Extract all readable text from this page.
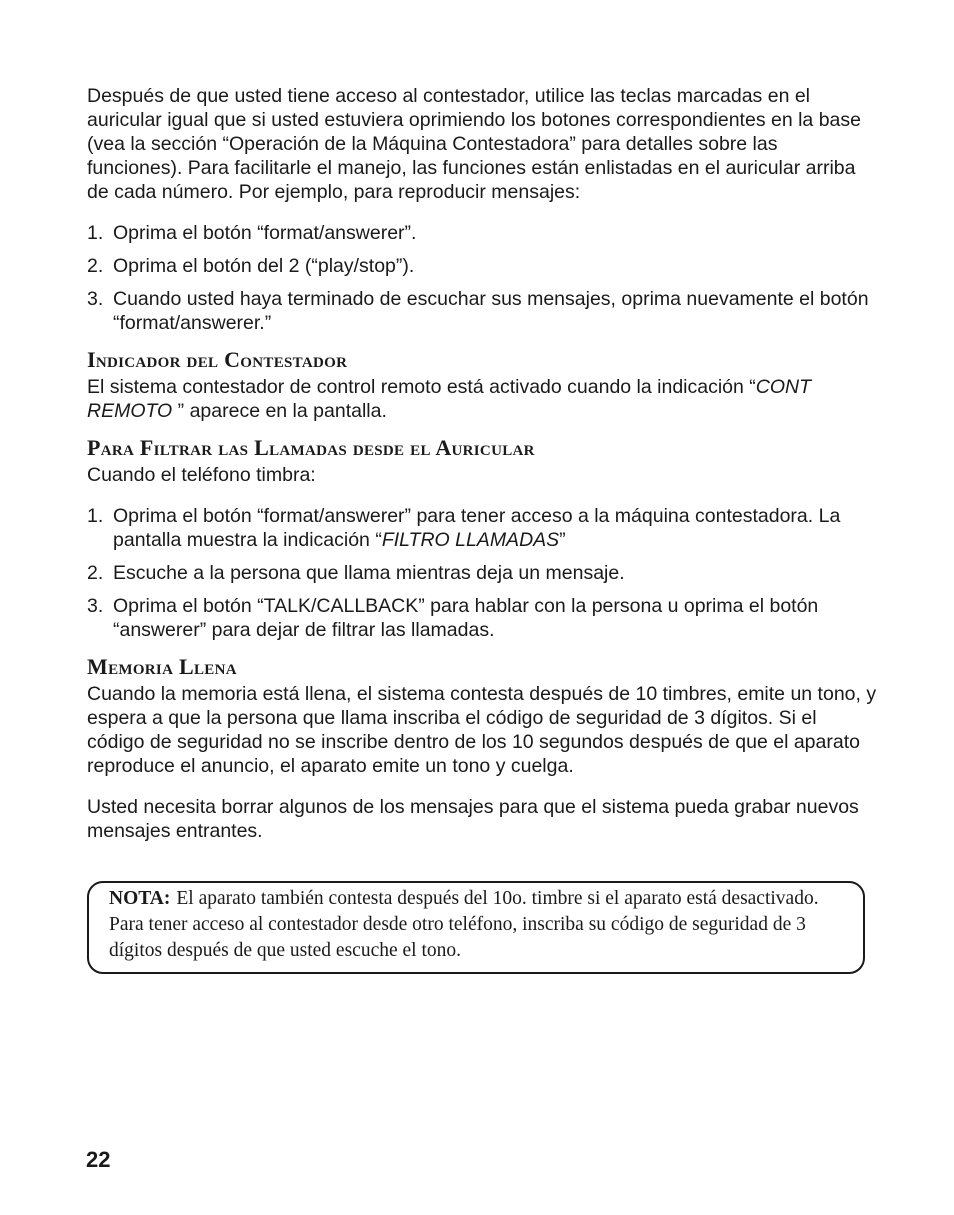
Después de que usted tiene acceso al contestador, utilice las teclas marcadas en el auricular igual que si usted estuviera oprimiendo los botones correspondientes en la base (vea la sección “Operación de la Máquina Contestadora” para detalles sobre las funciones). Para facilitarle el manejo, las funciones están enlistadas en el auricular arriba de cada número. Por ejemplo, para reproducir mensajes:

1. Oprima el botón “format/answerer”.
2. Oprima el botón del 2 (“play/stop”).
3. Cuando usted haya terminado de escuchar sus mensajes, oprima nuevamente el botón “format/answerer.”
Indicador del Contestador

El sistema contestador de control remoto está activado cuando la indicación “CONT REMOTO ” aparece en la pantalla.

Para Filtrar las Llamadas desde el Auricular

Cuando el teléfono timbra:

1. Oprima el botón “format/answerer” para tener acceso a la máquina contestadora. La pantalla muestra la indicación “FILTRO LLAMADAS”
2. Escuche a la persona que llama mientras deja un mensaje.
3. Oprima el botón “TALK/CALLBACK” para hablar con la persona u oprima el botón “answerer” para dejar de filtrar las llamadas.
Memoria Llena

Cuando la memoria está llena, el sistema contesta después de 10 timbres, emite un tono, y espera a que la persona que llama inscriba el código de seguridad de 3 dígitos. Si el código de seguridad no se inscribe dentro de los 10 segundos después de que el aparato reproduce el anuncio, el aparato emite un tono y cuelga.

Usted necesita borrar algunos de los mensajes para que el sistema pueda grabar nuevos mensajes entrantes.

NOTA: El aparato también contesta después del 10o. timbre si el aparato está desactivado. Para tener acceso al contestador desde otro teléfono, inscriba su código de seguridad de 3 dígitos después de que usted escuche el tono.
22
